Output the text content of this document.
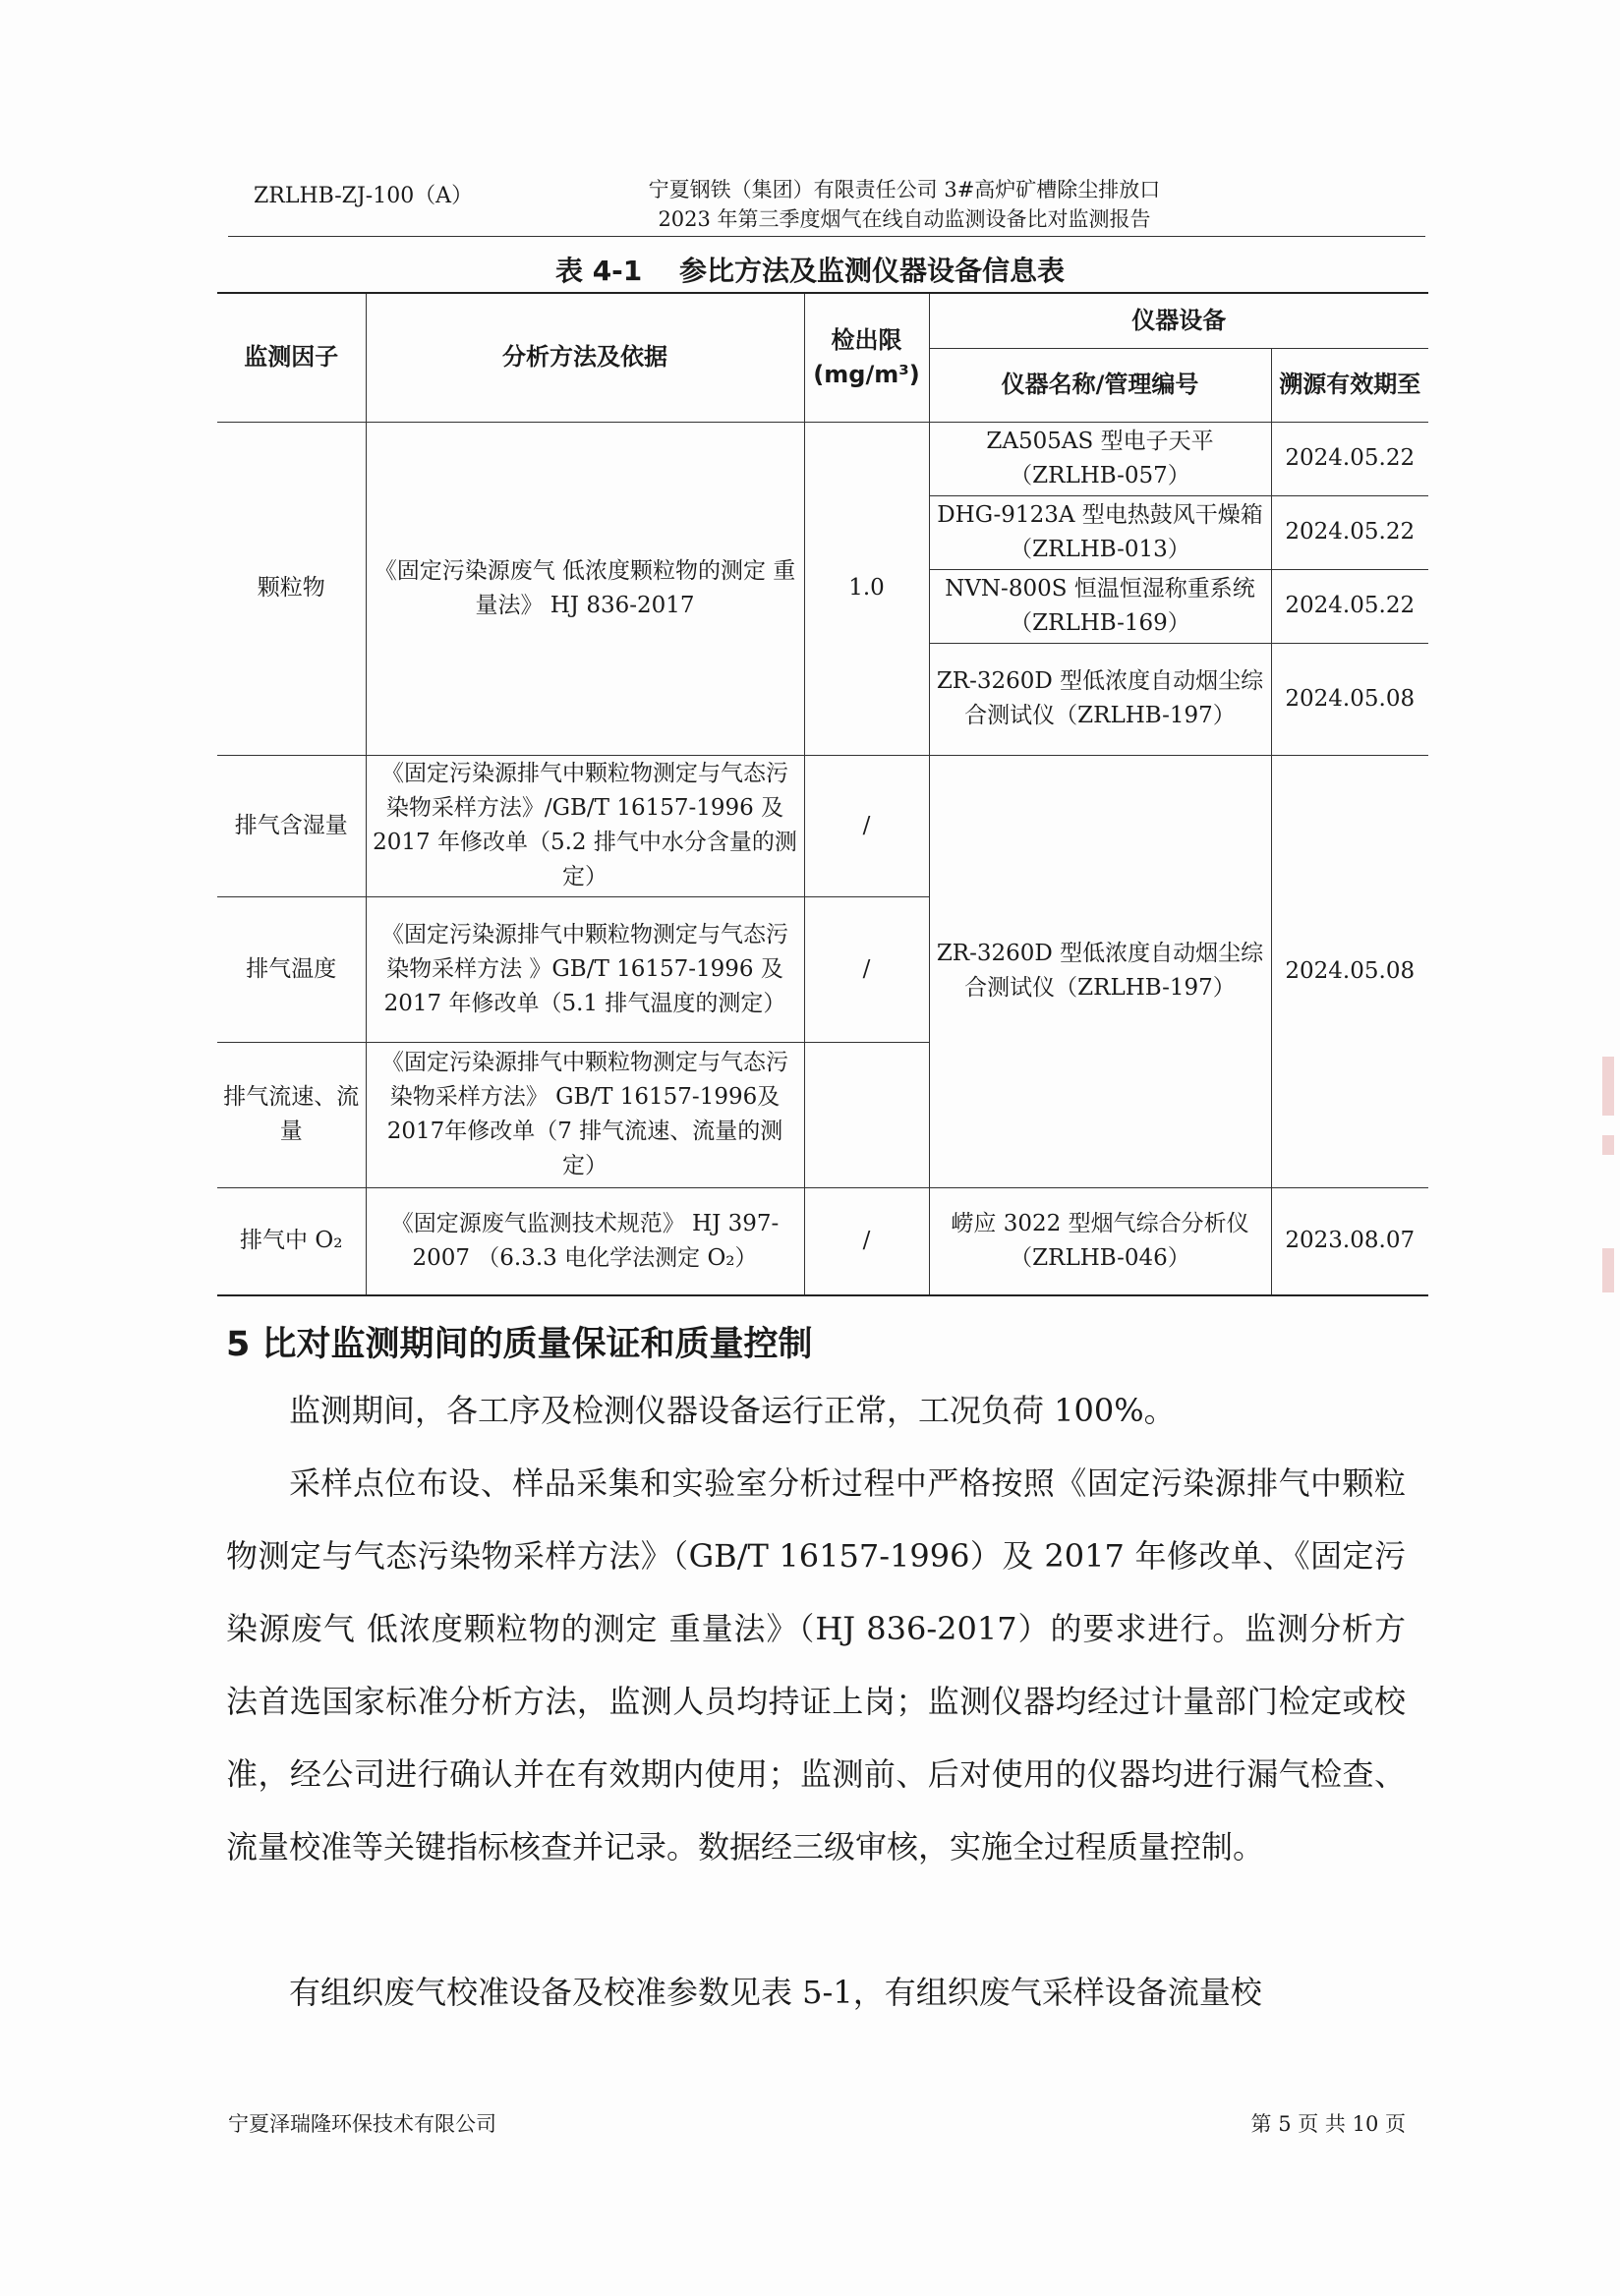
ZRLHB-ZJ-100（A）	宁夏钢铁（集团）有限责任公司 3#高炉矿槽除尘排放口
2023 年第三季度烟气在线自动监测设备比对监测报告
表 4-1　 参比方法及监测仪器设备信息表
监测因子	分析方法及依据	检出限(mg/m³)	仪器设备	
			仪器名称/管理编号	溯源有效期至
颗粒物	《固定污染源废气 低浓度颗粒物的测定 重量法》 HJ 836-2017	1.0	ZA505AS 型电子天平（ZRLHB-057）	2024.05.22
			DHG-9123A 型电热鼓风干燥箱（ZRLHB-013）	2024.05.22
			NVN-800S 恒温恒湿称重系统（ZRLHB-169）	2024.05.22
			ZR-3260D 型低浓度自动烟尘综合测试仪（ZRLHB-197）	2024.05.08
排气含湿量	《固定污染源排气中颗粒物测定与气态污染物采样方法》/GB/T 16157-1996 及 2017 年修改单（5.2 排气中水分含量的测定）	/	ZR-3260D 型低浓度自动烟尘综合测试仪（ZRLHB-197）	2024.05.08
排气温度	《固定污染源排气中颗粒物测定与气态污染物采样方法 》GB/T 16157-1996 及 2017 年修改单（5.1 排气温度的测定）	/		
排气流速、流量	《固定污染源排气中颗粒物测定与气态污染物采样方法》 GB/T 16157-1996及2017年修改单（7 排气流速、流量的测定）			
排气中 O₂	《固定源废气监测技术规范》 HJ 397-2007 （6.3.3 电化学法测定 O₂）	/	崂应 3022 型烟气综合分析仪（ZRLHB-046）	2023.08.07
5 比对监测期间的质量保证和质量控制
监测期间，各工序及检测仪器设备运行正常，工况负荷 100%。
采样点位布设、样品采集和实验室分析过程中严格按照《固定污染源排气中颗粒物测定与气态污染物采样方法》（GB/T 16157-1996）及 2017 年修改单、《固定污染源废气 低浓度颗粒物的测定 重量法》（HJ 836-2017）的要求进行。监测分析方法首选国家标准分析方法，监测人员均持证上岗；监测仪器均经过计量部门检定或校准，经公司进行确认并在有效期内使用；监测前、后对使用的仪器均进行漏气检查、流量校准等关键指标核查并记录。数据经三级审核，实施全过程质量控制。
有组织废气校准设备及校准参数见表 5-1，有组织废气采样设备流量校
宁夏泽瑞隆环保技术有限公司	第 5 页 共 10 页
